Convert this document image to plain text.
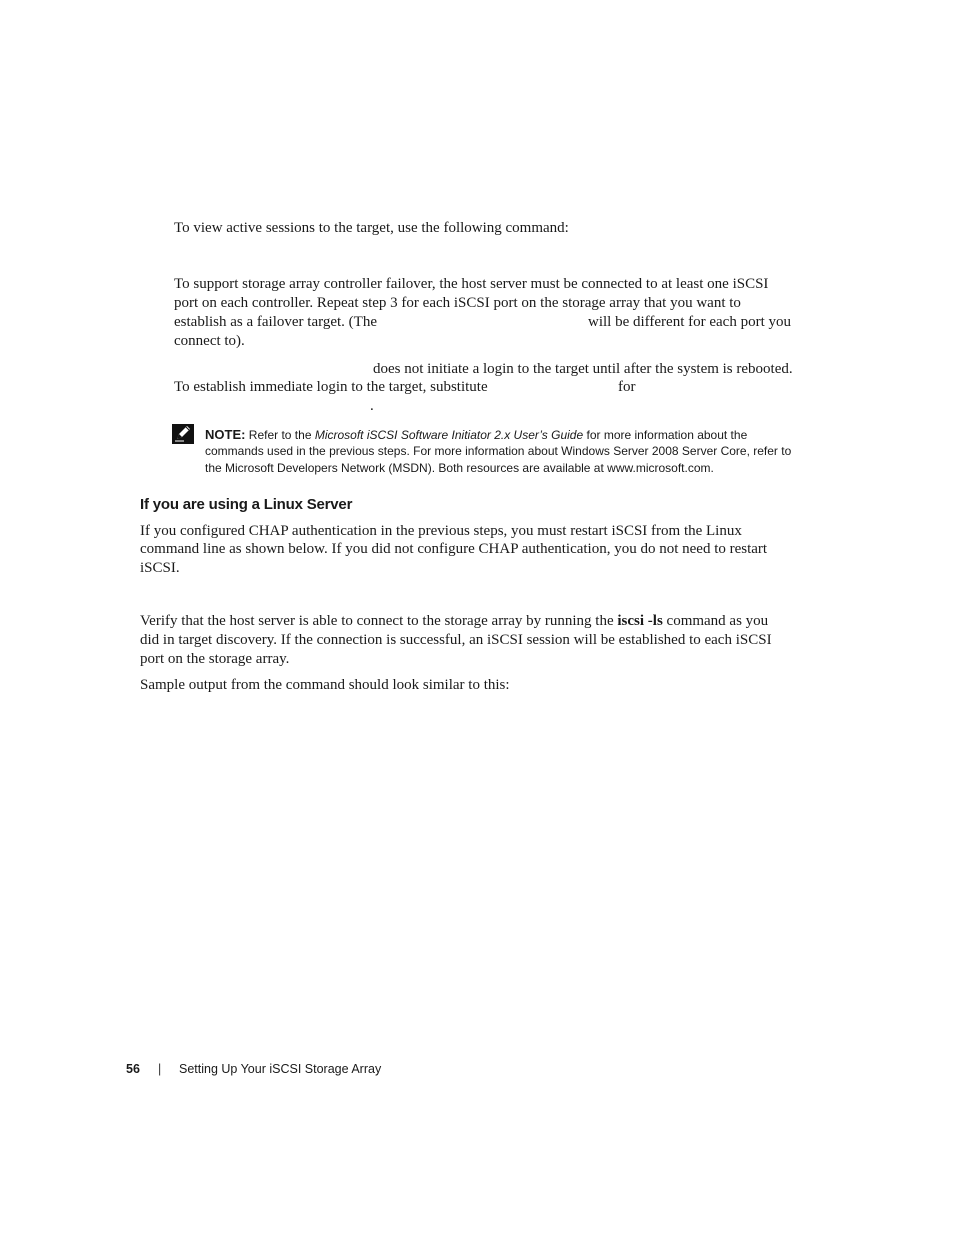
To view active sessions to the target, use the following command:
To support storage array controller failover, the host server must be connected to at least one iSCSI
port on each controller. Repeat step 3 for each iSCSI port on the storage array that you want to
establish as a failover target. (The	will be different for each port you
connect to).
does not initiate a login to the target until after the system is rebooted.
To establish immediate login to the target, substitute	for
.
NOTE: Refer to the Microsoft iSCSI Software Initiator 2.x User’s Guide for more information about the
commands used in the previous steps. For more information about Windows Server 2008 Server Core, refer to
the Microsoft Developers Network (MSDN). Both resources are available at www.microsoft.com.
If you are using a Linux Server
If you configured CHAP authentication in the previous steps, you must restart iSCSI from the Linux
command line as shown below. If you did not configure CHAP authentication, you do not need to restart
iSCSI.
Verify that the host server is able to connect to the storage array by running the iscsi -ls command as you
did in target discovery. If the connection is successful, an iSCSI session will be established to each iSCSI
port on the storage array.
Sample output from the command should look similar to this:
56 | Setting Up Your iSCSI Storage Array
